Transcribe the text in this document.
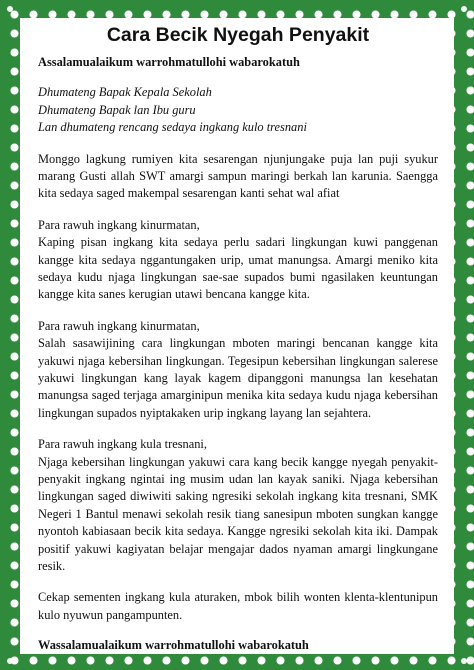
Cara Becik Nyegah Penyakit
Assalamualaikum warrohmatullohi wabarokatuh
Dhumateng Bapak Kepala Sekolah
Dhumateng Bapak lan Ibu guru
Lan dhumateng rencang sedaya ingkang kulo tresnani

Monggo lagkung rumiyen kita sesarengan njunjungake puja lan puji syukur marang Gusti allah SWT amargi sampun maringi berkah lan karunia. Saengga kita sedaya saged makempal sesarengan kanti sehat wal afiat

Para rawuh ingkang kinurmatan,
Kaping pisan ingkang kita sedaya perlu sadari lingkungan kuwi panggenan kangge kita sedaya nggantungaken urip, umat manungsa. Amargi meniko kita sedaya kudu njaga lingkungan sae-sae supados bumi ngasilaken keuntungan kangge kita sanes kerugian utawi bencana kangge kita.

Para rawuh ingkang kinurmatan,
Salah sasawijining cara lingkungan mboten maringi bencanan kangge kita yakuwi njaga kebersihan lingkungan. Tegesipun kebersihan lingkungan salerese yakuwi lingkungan kang layak kagem dipanggoni manungsa lan kesehatan manungsa saged terjaga amarginipun menika kita sedaya kudu njaga kebersihan lingkungan supados nyiptakaken urip ingkang layang lan sejahtera.

Para rawuh ingkang kula tresnani,
Njaga kebersihan lingkungan yakuwi cara kang becik kangge nyegah penyakit-penyakit ingkang ngintai ing musim udan lan kayak saniki. Njaga kebersihan lingkungan saged diwiwiti saking ngresiki sekolah ingkang kita tresnani, SMK Negeri 1 Bantul menawi sekolah resik tiang sanesipun mboten sungkan kangge nyontoh kabiasaan becik kita sedaya. Kangge ngresiki sekolah kita iki. Dampak positif yakuwi kagiyatan belajar mengajar dados nyaman amargi lingkungane resik.

Cekap sementen ingkang kula aturaken, mbok bilih wonten klenta-klentunipun kulo nyuwun pangampunten.

Wassalamualaikum warrohmatullohi wabarokatuh
